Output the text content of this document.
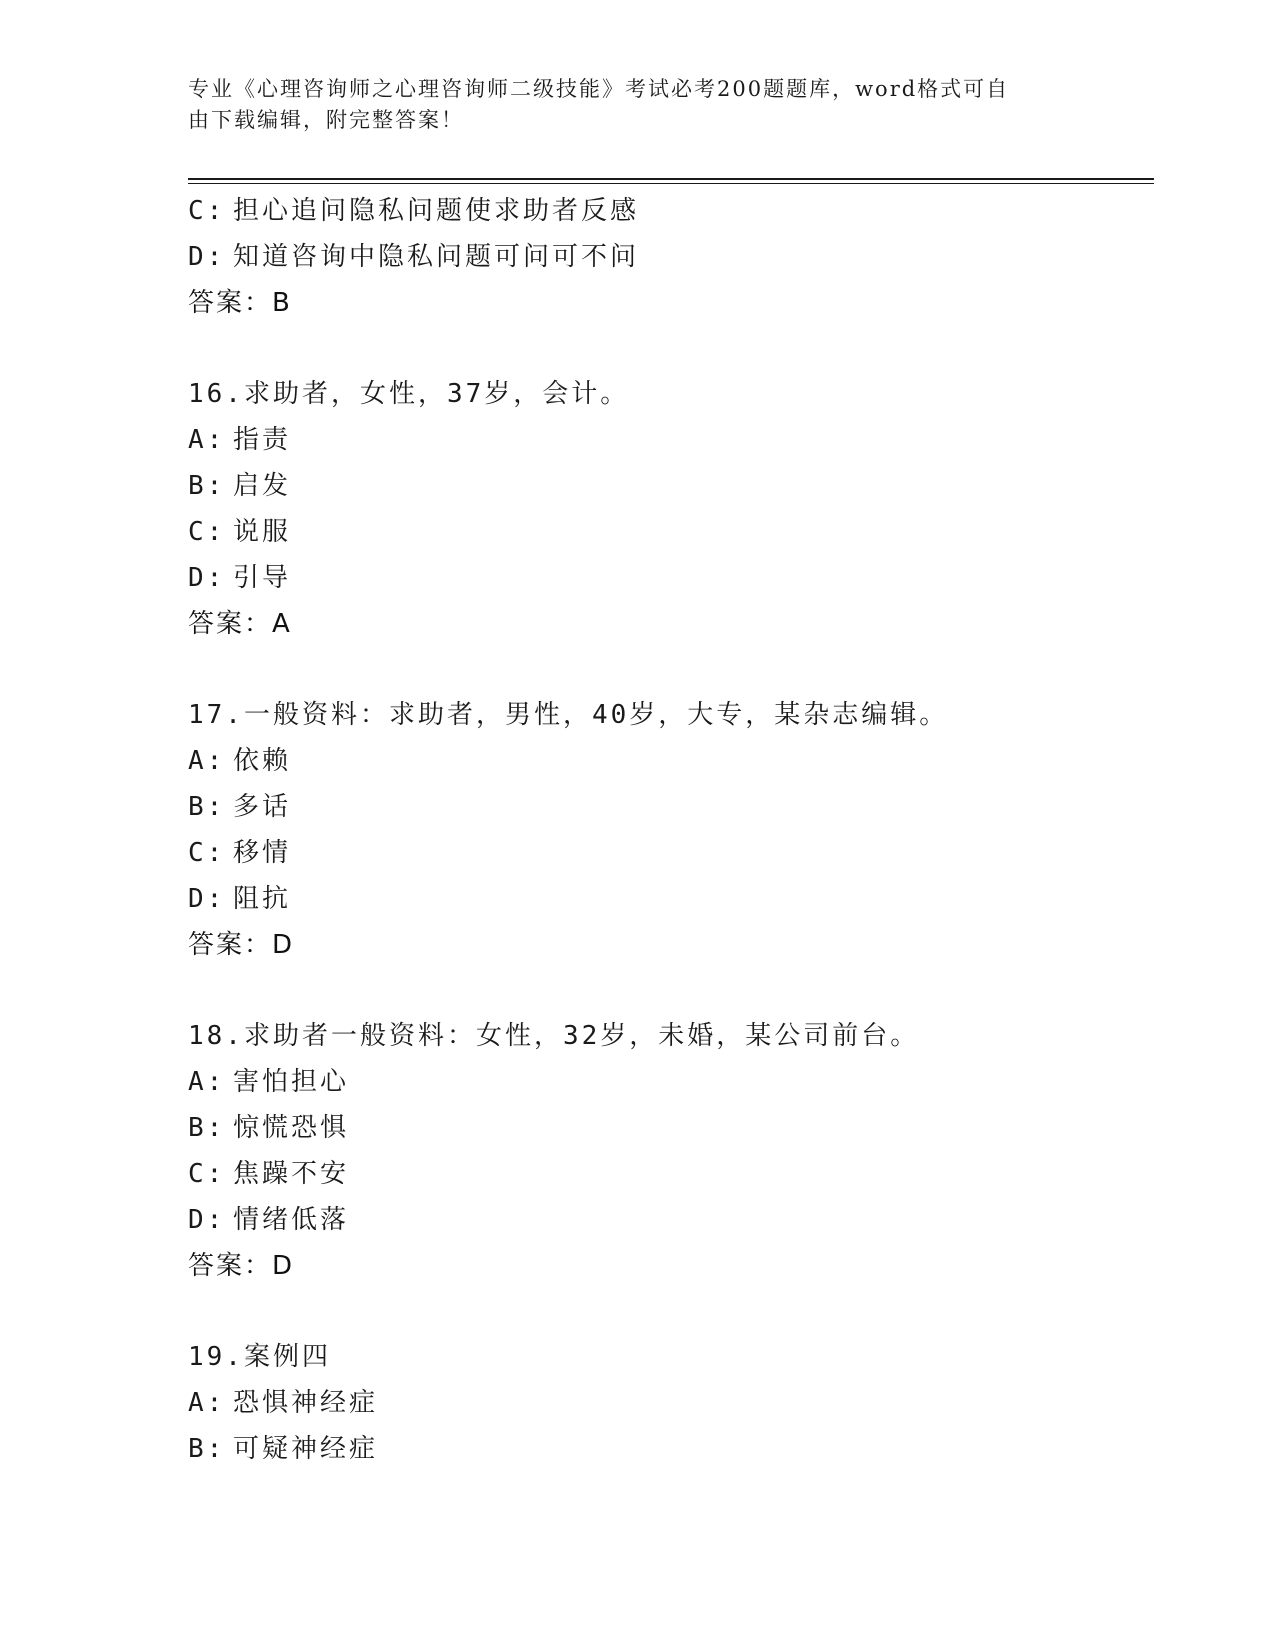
专业《心理咨询师之心理咨询师二级技能》考试必考200题题库，word格式可自
由下载编辑，附完整答案！
C: 担心追问隐私问题使求助者反感
D: 知道咨询中隐私问题可问可不问
答案：B
16.求助者，女性，37岁，会计。
A: 指责
B: 启发
C: 说服
D: 引导
答案：A
17.一般资料：求助者，男性，40岁，大专，某杂志编辑。
A: 依赖
B: 多话
C: 移情
D: 阻抗
答案：D
18.求助者一般资料：女性，32岁，未婚，某公司前台。
A: 害怕担心
B: 惊慌恐惧
C: 焦躁不安
D: 情绪低落
答案：D
19.案例四
A: 恐惧神经症
B: 可疑神经症
